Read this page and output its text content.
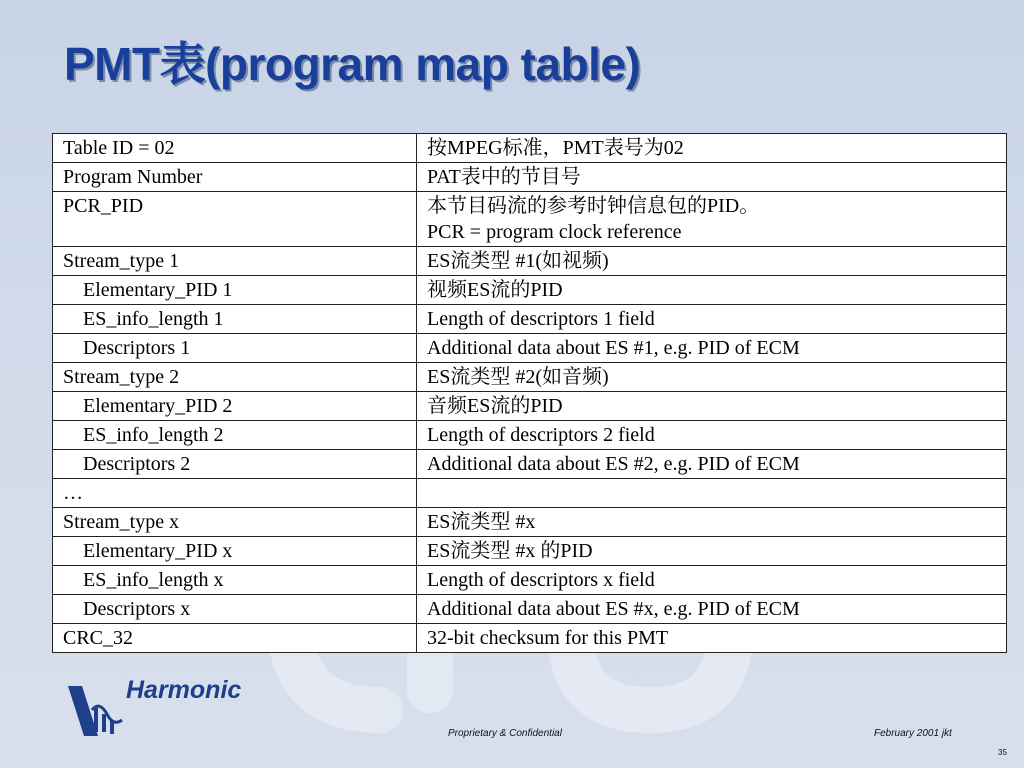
PMT表(program map table)
Table ID = 02	按MPEG标准，PMT表号为02

Program Number	PAT表中的节目号

PCR_PID	本节目码流的参考时钟信息包的PID。
PCR = program clock reference

Stream_type 1	ES流类型 #1(如视频)

Elementary_PID 1	视频ES流的PID

ES_info_length 1	Length of descriptors 1 field

Descriptors 1	Additional data about ES #1, e.g. PID of ECM

Stream_type 2	ES流类型 #2(如音频)

Elementary_PID 2	音频ES流的PID

ES_info_length 2	Length of descriptors 2 field

Descriptors 2	Additional data about ES #2, e.g. PID of ECM

…	

Stream_type x	ES流类型 #x

Elementary_PID x	ES流类型 #x 的PID

ES_info_length x	Length of descriptors x field

Descriptors x	Additional data about ES #x, e.g. PID of ECM

CRC_32	32-bit checksum for this PMT
Harmonic
Proprietary & Confidential	February 2001 jkt
35
